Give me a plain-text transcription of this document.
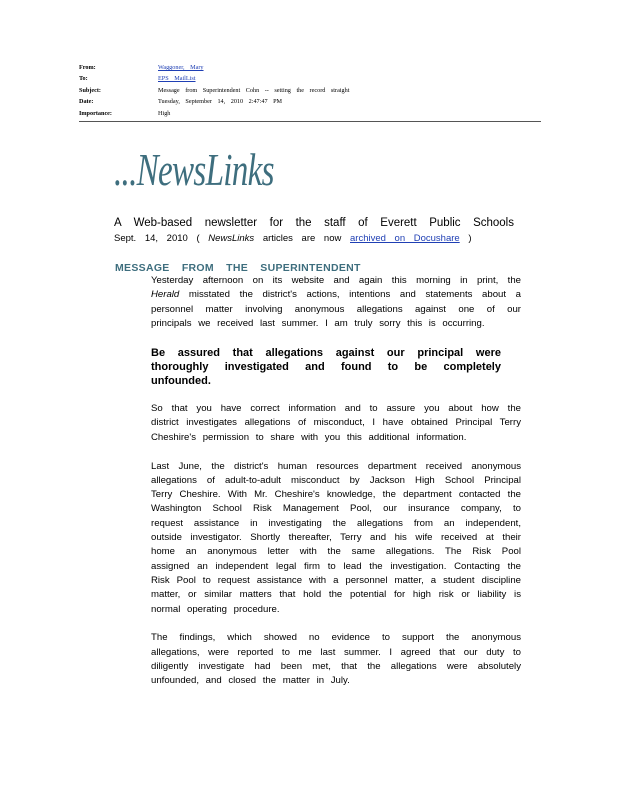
From:	Waggoner, Mary
To:	EPS MailList
Subject:	Message from Superintendent Cohn -- setting the record straight
Date:	Tuesday, September 14, 2010 2:47:47 PM
Importance:	High
...NewsLinks
A Web-based newsletter for the staff of Everett Public Schools
Sept. 14, 2010 ( NewsLinks articles are now archived on Docushare )
MESSAGE FROM THE SUPERINTENDENT

Yesterday afternoon on its website and again this morning in print, the Herald misstated the district's actions, intentions and statements about a personnel matter involving anonymous allegations against one of our principals we received last summer. I am truly sorry this is occurring.

Be assured that allegations against our principal were thoroughly investigated and found to be completely unfounded.

So that you have correct information and to assure you about how the district investigates allegations of misconduct, I have obtained Principal Terry Cheshire's permission to share with you this additional information.

Last June, the district's human resources department received anonymous allegations of adult-to-adult misconduct by Jackson High School Principal Terry Cheshire. With Mr. Cheshire's knowledge, the department contacted the Washington School Risk Management Pool, our insurance company, to request assistance in investigating the allegations from an independent, outside investigator. Shortly thereafter, Terry and his wife received at their home an anonymous letter with the same allegations. The Risk Pool assigned an independent legal firm to lead the investigation. Contacting the Risk Pool to request assistance with a personnel matter, a student discipline matter, or similar matters that hold the potential for high risk or liability is normal operating procedure.

The findings, which showed no evidence to support the anonymous allegations, were reported to me last summer. I agreed that our duty to diligently investigate had been met, that the allegations were absolutely unfounded, and closed the matter in July.
